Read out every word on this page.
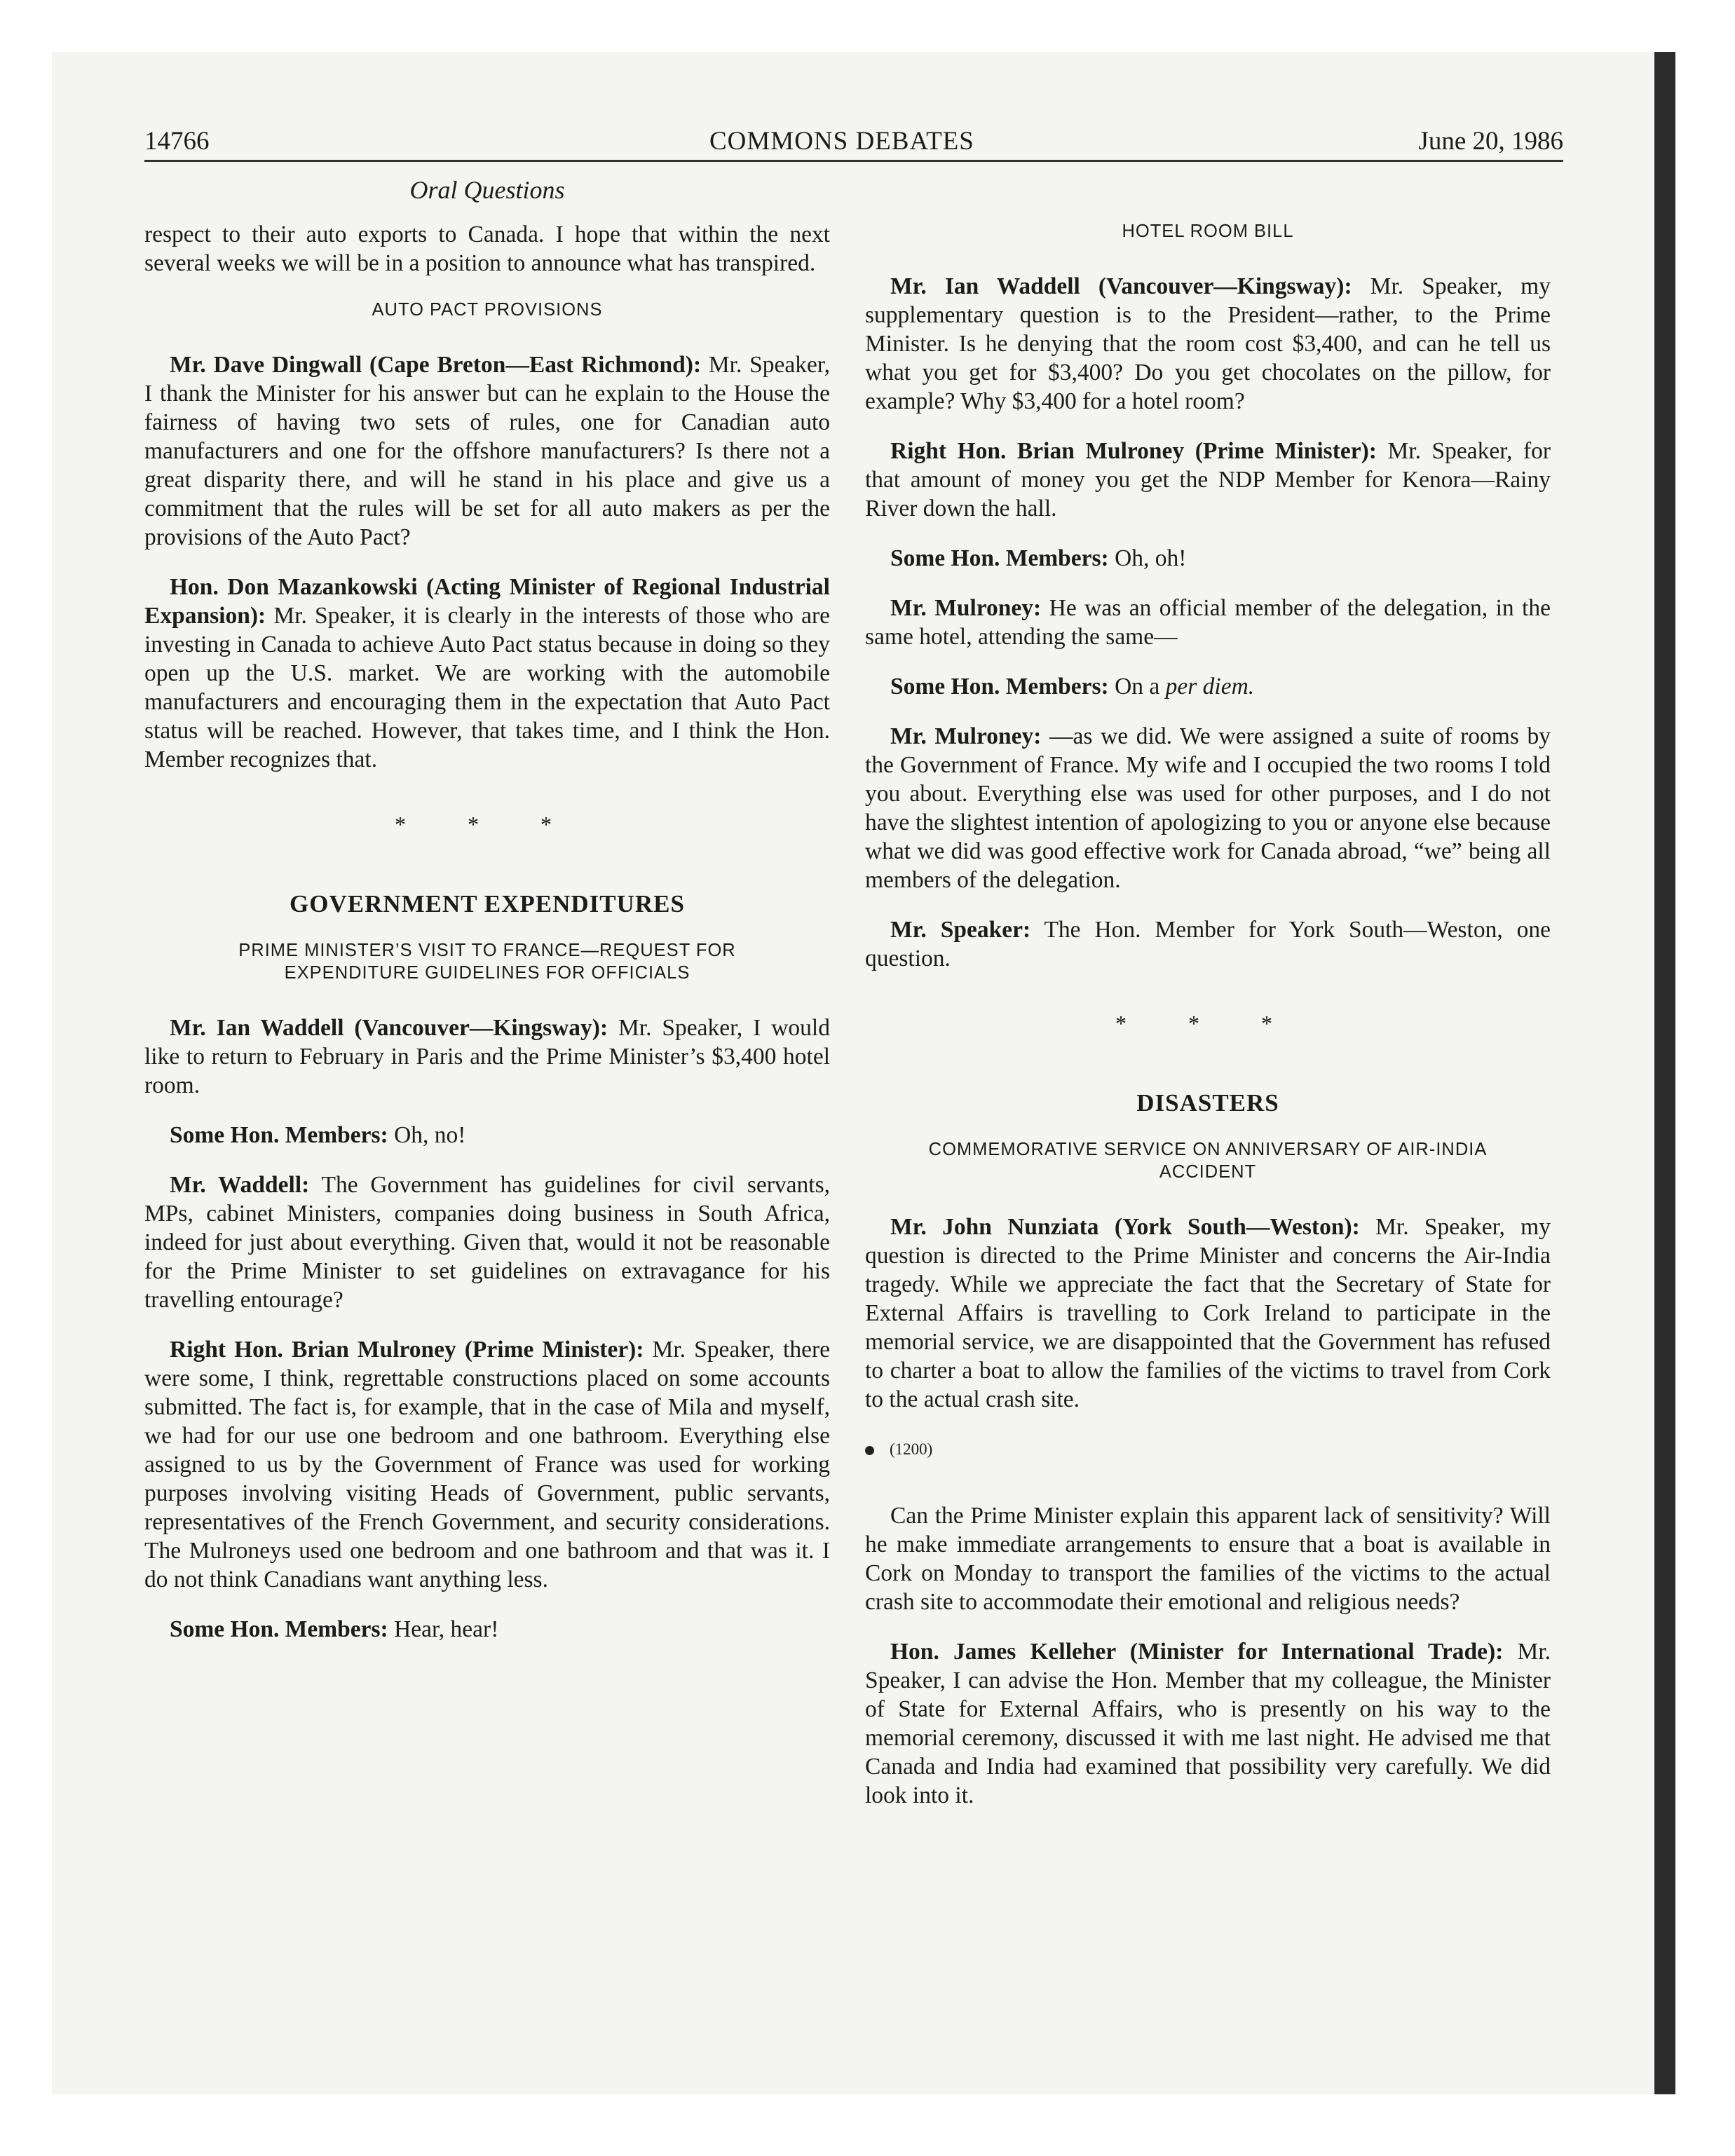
14766	COMMONS DEBATES	June 20, 1986
Oral Questions

respect to their auto exports to Canada. I hope that within the next several weeks we will be in a position to announce what has transpired.

AUTO PACT PROVISIONS

Mr. Dave Dingwall (Cape Breton—East Richmond): Mr. Speaker, I thank the Minister for his answer but can he explain to the House the fairness of having two sets of rules, one for Canadian auto manufacturers and one for the offshore manufacturers? Is there not a great disparity there, and will he stand in his place and give us a commitment that the rules will be set for all auto makers as per the provisions of the Auto Pact?

Hon. Don Mazankowski (Acting Minister of Regional Industrial Expansion): Mr. Speaker, it is clearly in the interests of those who are investing in Canada to achieve Auto Pact status because in doing so they open up the U.S. market. We are working with the automobile manufacturers and encouraging them in the expectation that Auto Pact status will be reached. However, that takes time, and I think the Hon. Member recognizes that.

* * *
GOVERNMENT EXPENDITURES
PRIME MINISTER’S VISIT TO FRANCE—REQUEST FOR EXPENDITURE GUIDELINES FOR OFFICIALS

Mr. Ian Waddell (Vancouver—Kingsway): Mr. Speaker, I would like to return to February in Paris and the Prime Minister’s $3,400 hotel room.

Some Hon. Members: Oh, no!

Mr. Waddell: The Government has guidelines for civil servants, MPs, cabinet Ministers, companies doing business in South Africa, indeed for just about everything. Given that, would it not be reasonable for the Prime Minister to set guidelines on extravagance for his travelling entourage?

Right Hon. Brian Mulroney (Prime Minister): Mr. Speaker, there were some, I think, regrettable constructions placed on some accounts submitted. The fact is, for example, that in the case of Mila and myself, we had for our use one bedroom and one bathroom. Everything else assigned to us by the Government of France was used for working purposes involving visiting Heads of Government, public servants, representatives of the French Government, and security considerations. The Mulroneys used one bedroom and one bathroom and that was it. I do not think Canadians want anything less.

Some Hon. Members: Hear, hear!

HOTEL ROOM BILL

Mr. Ian Waddell (Vancouver—Kingsway): Mr. Speaker, my supplementary question is to the President—rather, to the Prime Minister. Is he denying that the room cost $3,400, and can he tell us what you get for $3,400? Do you get chocolates on the pillow, for example? Why $3,400 for a hotel room?

Right Hon. Brian Mulroney (Prime Minister): Mr. Speaker, for that amount of money you get the NDP Member for Kenora—Rainy River down the hall.

Some Hon. Members: Oh, oh!

Mr. Mulroney: He was an official member of the delegation, in the same hotel, attending the same—

Some Hon. Members: On a per diem.

Mr. Mulroney: —as we did. We were assigned a suite of rooms by the Government of France. My wife and I occupied the two rooms I told you about. Everything else was used for other purposes, and I do not have the slightest intention of apologizing to you or anyone else because what we did was good effective work for Canada abroad, “we” being all members of the delegation.

Mr. Speaker: The Hon. Member for York South—Weston, one question.

* * *
DISASTERS
COMMEMORATIVE SERVICE ON ANNIVERSARY OF AIR-INDIA ACCIDENT

Mr. John Nunziata (York South—Weston): Mr. Speaker, my question is directed to the Prime Minister and concerns the Air-India tragedy. While we appreciate the fact that the Secretary of State for External Affairs is travelling to Cork Ireland to participate in the memorial service, we are disappointed that the Government has refused to charter a boat to allow the families of the victims to travel from Cork to the actual crash site.

(1200)

Can the Prime Minister explain this apparent lack of sensitivity? Will he make immediate arrangements to ensure that a boat is available in Cork on Monday to transport the families of the victims to the actual crash site to accommodate their emotional and religious needs?

Hon. James Kelleher (Minister for International Trade): Mr. Speaker, I can advise the Hon. Member that my colleague, the Minister of State for External Affairs, who is presently on his way to the memorial ceremony, discussed it with me last night. He advised me that Canada and India had examined that possibility very carefully. We did look into it.
